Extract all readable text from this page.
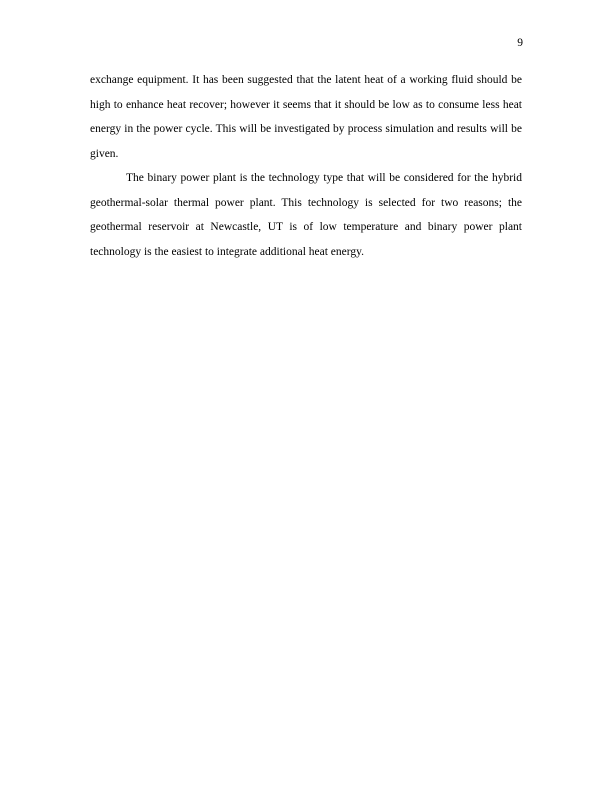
9

exchange equipment. It has been suggested that the latent heat of a working fluid should be high to enhance heat recover; however it seems that it should be low as to consume less heat energy in the power cycle. This will be investigated by process simulation and results will be given.

The binary power plant is the technology type that will be considered for the hybrid geothermal-solar thermal power plant. This technology is selected for two reasons; the geothermal reservoir at Newcastle, UT is of low temperature and binary power plant technology is the easiest to integrate additional heat energy.
